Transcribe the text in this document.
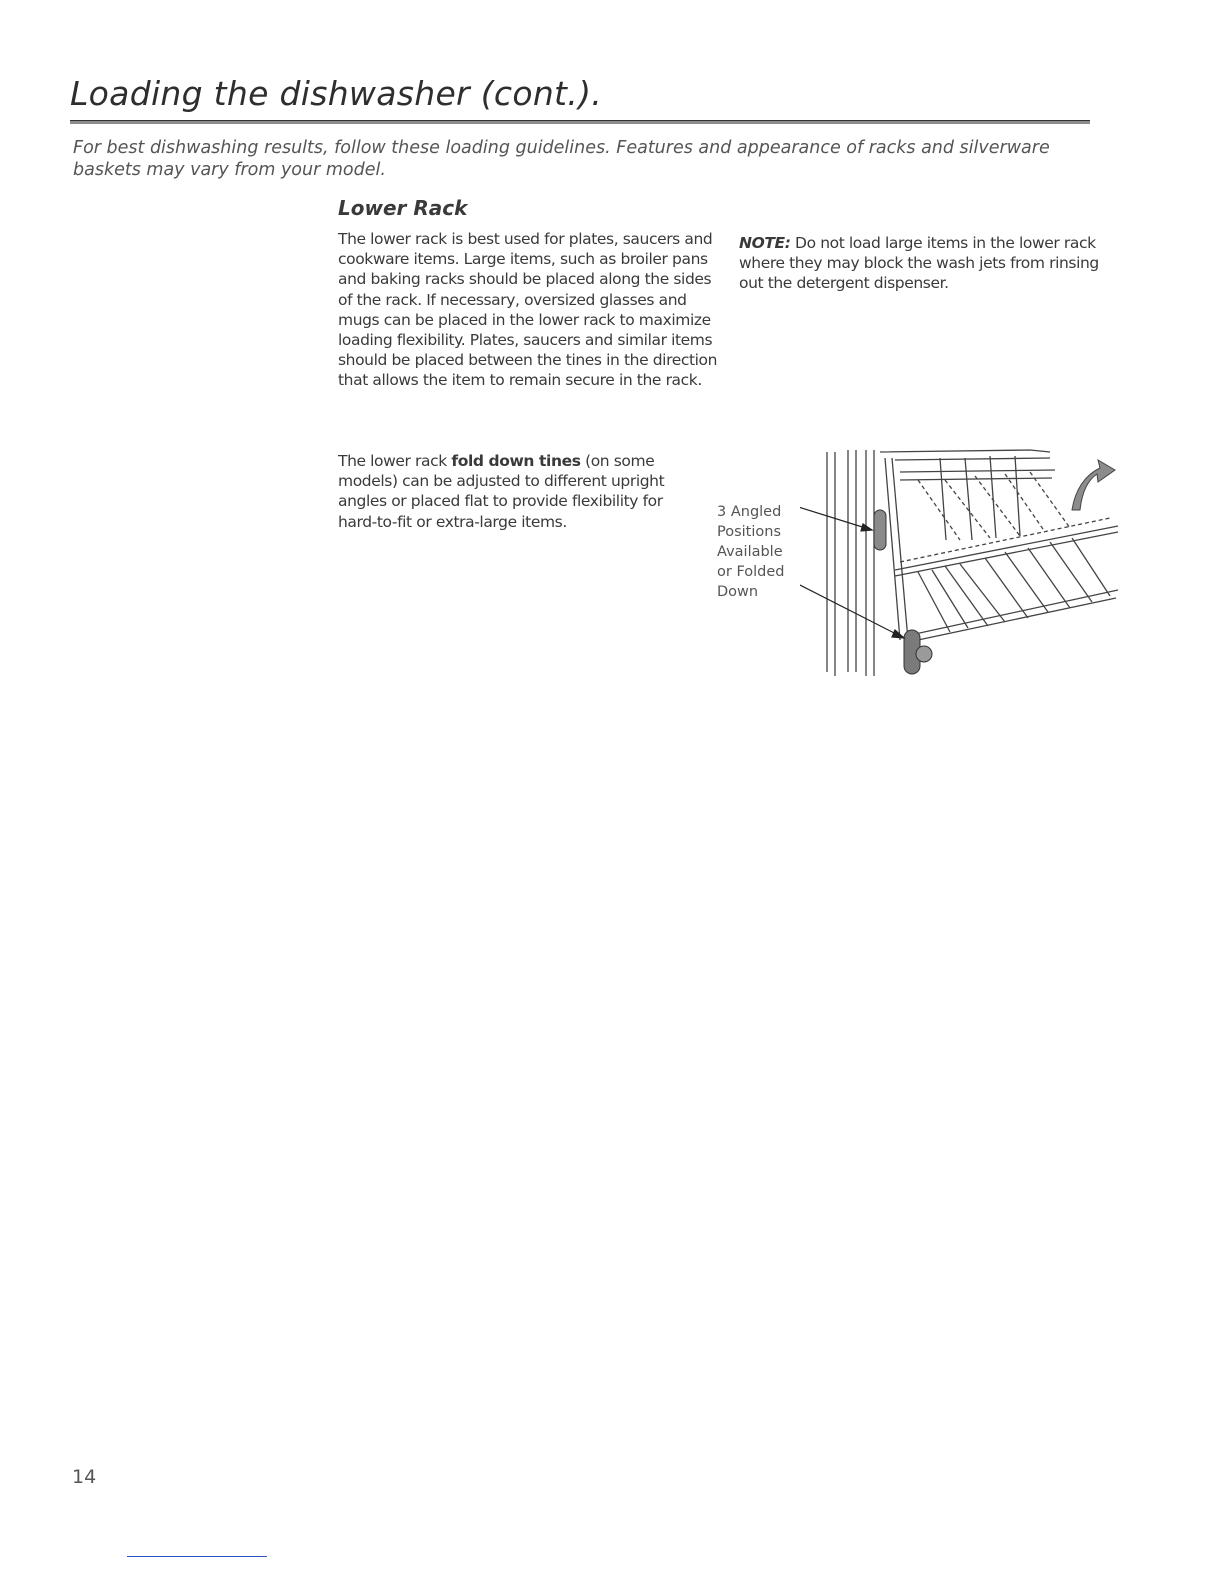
Loading the dishwasher (cont.).

For best dishwashing results, follow these loading guidelines. Features and appearance of racks and silverware baskets may vary from your model.

Lower Rack

The lower rack is best used for plates, saucers and cookware items. Large items, such as broiler pans and baking racks should be placed along the sides of the rack. If necessary, oversized glasses and mugs can be placed in the lower rack to maximize loading flexibility. Plates, saucers and similar items should be placed between the tines in the direction that allows the item to remain secure in the rack.

NOTE: Do not load large items in the lower rack where they may block the wash jets from rinsing out the detergent dispenser.

The lower rack fold down tines (on some models) can be adjusted to different upright angles or placed flat to provide flexibility for hard-to-fit or extra-large items.

3 Angled
Positions
Available
or Folded
Down

14
